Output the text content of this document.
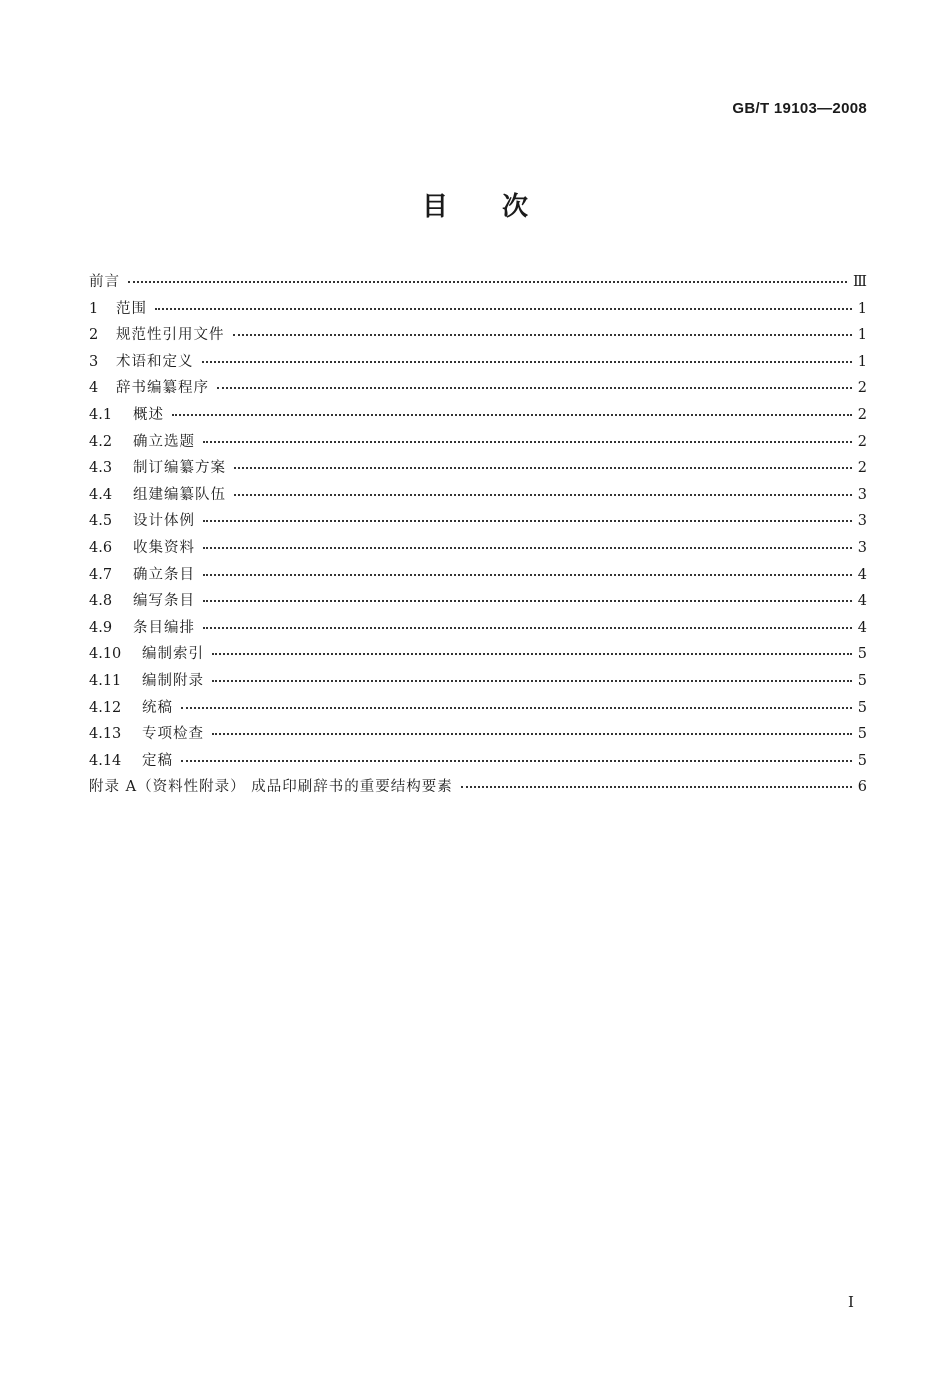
GB/T 19103—2008
目 次
前言	Ⅲ
1	范围	1
2	规范性引用文件	1
3	术语和定义	1
4	辞书编纂程序	2
4.1	概述	2
4.2	确立选题	2
4.3	制订编纂方案	2
4.4	组建编纂队伍	3
4.5	设计体例	3
4.6	收集资料	3
4.7	确立条目	4
4.8	编写条目	4
4.9	条目编排	4
4.10	编制索引	5
4.11	编制附录	5
4.12	统稿	5
4.13	专项检查	5
4.14	定稿	5
附录 A（资料性附录） 成品印刷辞书的重要结构要素	6
I
